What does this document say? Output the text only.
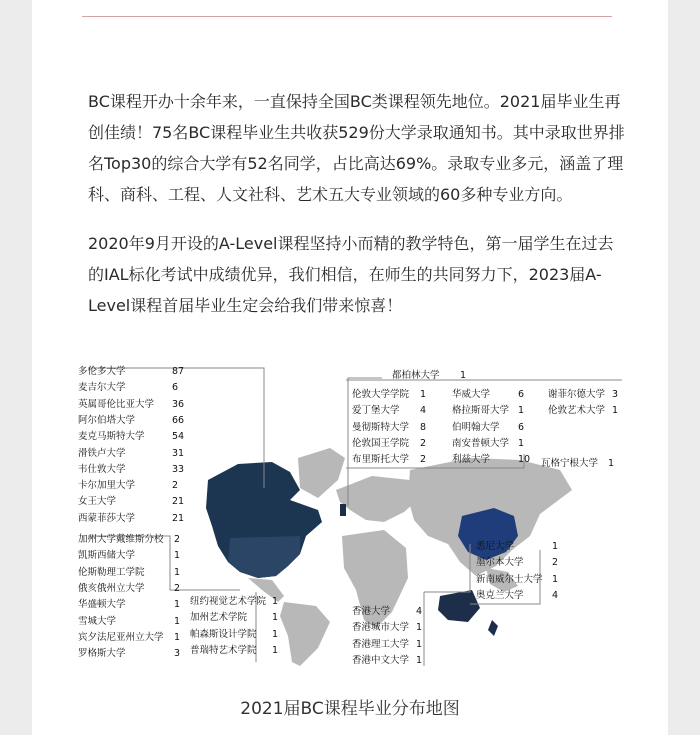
BC课程开办十余年来，一直保持全国BC类课程领先地位。2021届毕业生再创佳绩！75名BC课程毕业生共收获529份大学录取通知书。其中录取世界排名Top30的综合大学有52名同学，占比高达69%。录取专业多元，涵盖了理科、商科、工程、人文社科、艺术五大专业领域的60多种专业方向。

2020年9月开设的A-Level课程坚持小而精的教学特色，第一届学生在过去的IAL标化考试中成绩优异，我们相信，在师生的共同努力下，2023届A-Level课程首届毕业生定会给我们带来惊喜！

多伦多大学	87
麦吉尔大学	6
英属哥伦比亚大学 36
阿尔伯塔大学	66
麦克马斯特大学	54
滑铁卢大学	31
韦仕敦大学	33
卡尔加里大学	2
女王大学	21
西蒙菲莎大学	21
加州大学戴维斯分校 2
凯斯西储大学	1
伦斯勒理工学院	1
俄亥俄州立大学	2
华盛顿大学	1
雪城大学	1
宾夕法尼亚州立大学 1
罗格斯大学	3
纽约视觉艺术学院 1
加州艺术学院	1
帕森斯设计学院 1
普瑞特艺术学院 1
都柏林大学 1
伦敦大学学院 1
爱丁堡大学 4
曼彻斯特大学 8
伦敦国王学院 2
布里斯托大学 2
华威大学	6
格拉斯哥大学 1
伯明翰大学 6
南安普顿大学 1
利兹大学	10
谢菲尔德大学 3
伦敦艺术大学 1
瓦格宁根大学 1
香港大学	4
香港城市大学 1
香港理工大学 1
香港中文大学 1
悉尼大学	1
墨尔本大学	2
新南威尔士大学 1
奥克兰大学	4
2021届BC课程毕业分布地图
